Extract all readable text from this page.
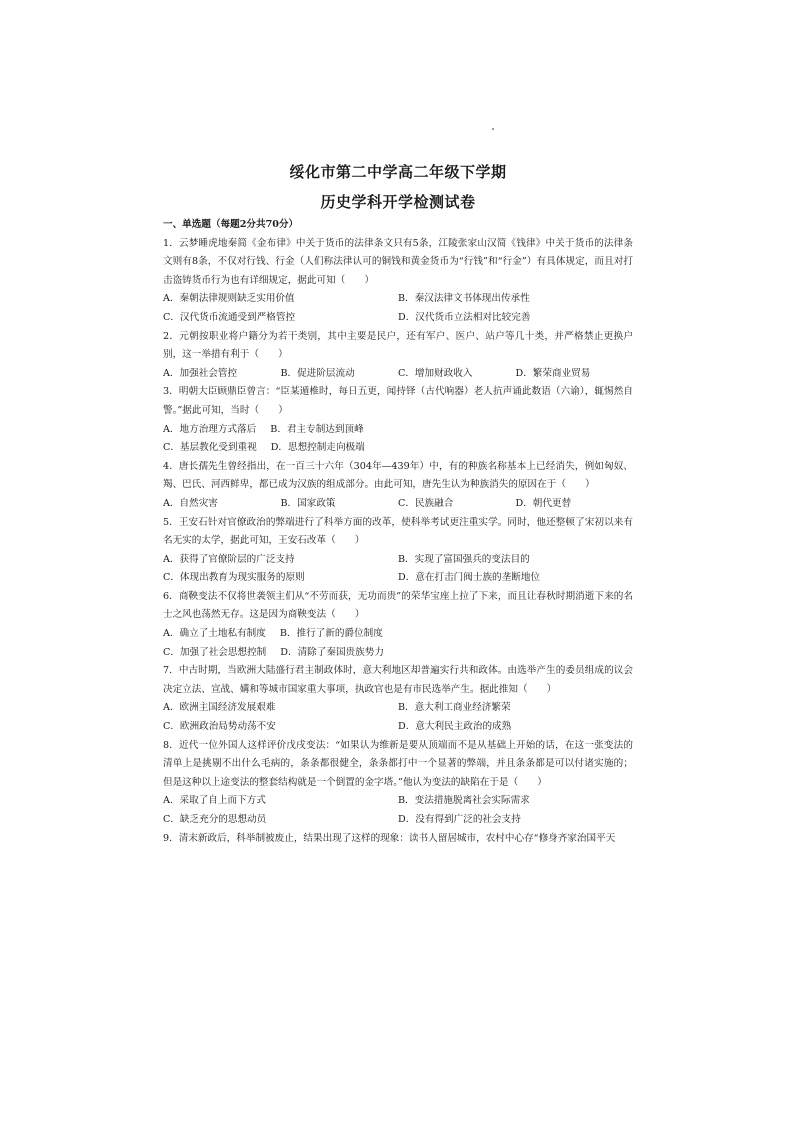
绥化市第二中学高二年级下学期
历史学科开学检测试卷
一、单选题（每题2分共70分）
1．云梦睡虎地秦简《金布律》中关于货币的法律条文只有5条，江陵张家山汉简《钱律》中关于货币的法律条文则有8条，不仅对行钱、行金（人们称法律认可的铜钱和黄金货币为“行钱”和“行金”）有具体规定，而且对打击盗铸货币行为也有详细规定，据此可知（　　）
A．秦朝法律规则缺乏实用价值	B．秦汉法律文书体现出传承性
C．汉代货币流通受到严格管控	D．汉代货币立法相对比较完善
2．元朝按职业将户籍分为若干类别，其中主要是民户，还有军户、医户、站户等几十类，并严格禁止更换户别，这一举措有利于（　　）
A．加强社会管控	B．促进阶层流动	C．增加财政收入	D．繁荣商业贸易
3．明朝大臣顾鼎臣曾言：“臣某遁椎时，每日五更，闻持铎（古代响器）老人抗声诵此数语（六谕），辄惕然自警。”据此可知，当时（　　）
A．地方治理方式落后 B．君主专制达到顶峰
C．基层教化受到重视 D．思想控制走向极端
4．唐长孺先生曾经指出，在一百三十六年（304年—439年）中，有的种族名称基本上已经消失，例如匈奴、羯、巴氏、河西鲜卑，都已成为汉族的组成部分。由此可知，唐先生认为种族消失的原因在于（　　）
A．自然灾害	B．国家政策	C．民族融合	D．朝代更替
5．王安石针对官僚政治的弊端进行了科举方面的改革，使科举考试更注重实学。同时，他还整顿了宋初以来有名无实的太学，据此可知，王安石改革（　　）
A．获得了官僚阶层的广泛支持	B．实现了富国强兵的变法目的
C．体现出教育为现实服务的原则	D．意在打击门阀士族的垄断地位
6．商鞅变法不仅将世袭领主们从“不劳而获，无功而贵”的荣华宝座上拉了下来，而且让春秋时期消逝下来的名士之风也荡然无存。这是因为商鞅变法（　　）
A．确立了土地私有制度 B．推行了新的爵位制度
C．加强了社会思想控制 D．清除了秦国贵族势力
7．中古时期，当欧洲大陆盛行君主制政体时，意大利地区却普遍实行共和政体。由选举产生的委员组成的议会决定立法、宣战、媾和等城市国家重大事项，执政官也是有市民选举产生。据此推知（　　）
A．欧洲主国经济发展艰难	B．意大利工商业经济繁荣
C．欧洲政治局势动荡不安	D．意大利民主政治的成熟
8．近代一位外国人这样评价戊戌变法：“如果认为维新是要从顶端而不是从基础上开始的话，在这一张变法的清单上是挑剔不出什么毛病的，条条都很健全，条条都打中一个显著的弊端，并且条条都是可以付诸实施的；但是这种以上途变法的整套结构就是一个倒置的金字塔。”他认为变法的缺陷在于是（　　）
A．采取了自上而下方式	B．变法措施脱离社会实际需求
C．缺乏充分的思想动员	D．没有得到广泛的社会支持
9．清末新政后，科举制被废止，结果出现了这样的现象：读书人留居城市，农村中心存“修身齐家治国平天
